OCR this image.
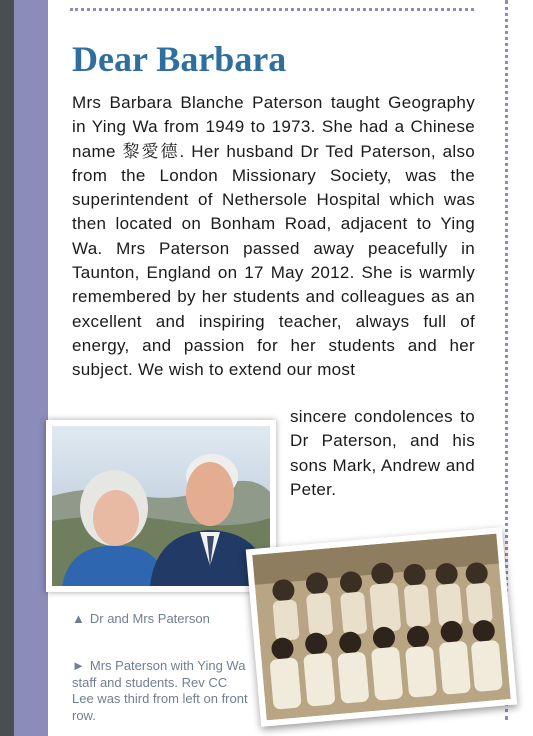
Dear Barbara

Mrs Barbara Blanche Paterson taught Geography in Ying Wa from 1949 to 1973. She had a Chinese name 黎愛德. Her husband Dr Ted Paterson, also from the London Missionary Society, was the superintendent of Nethersole Hospital which was then located on Bonham Road, adjacent to Ying Wa. Mrs Paterson passed away peacefully in Taunton, England on 17 May 2012. She is warmly remembered by her students and colleagues as an excellent and inspiring teacher, always full of energy, and passion for her students and her subject. We wish to extend our most

sincere condolences to Dr Paterson, and his sons Mark, Andrew and Peter.

▲ Dr and Mrs Paterson

► Mrs Paterson with Ying Wa staff and students. Rev CC Lee was third from left on front row.
